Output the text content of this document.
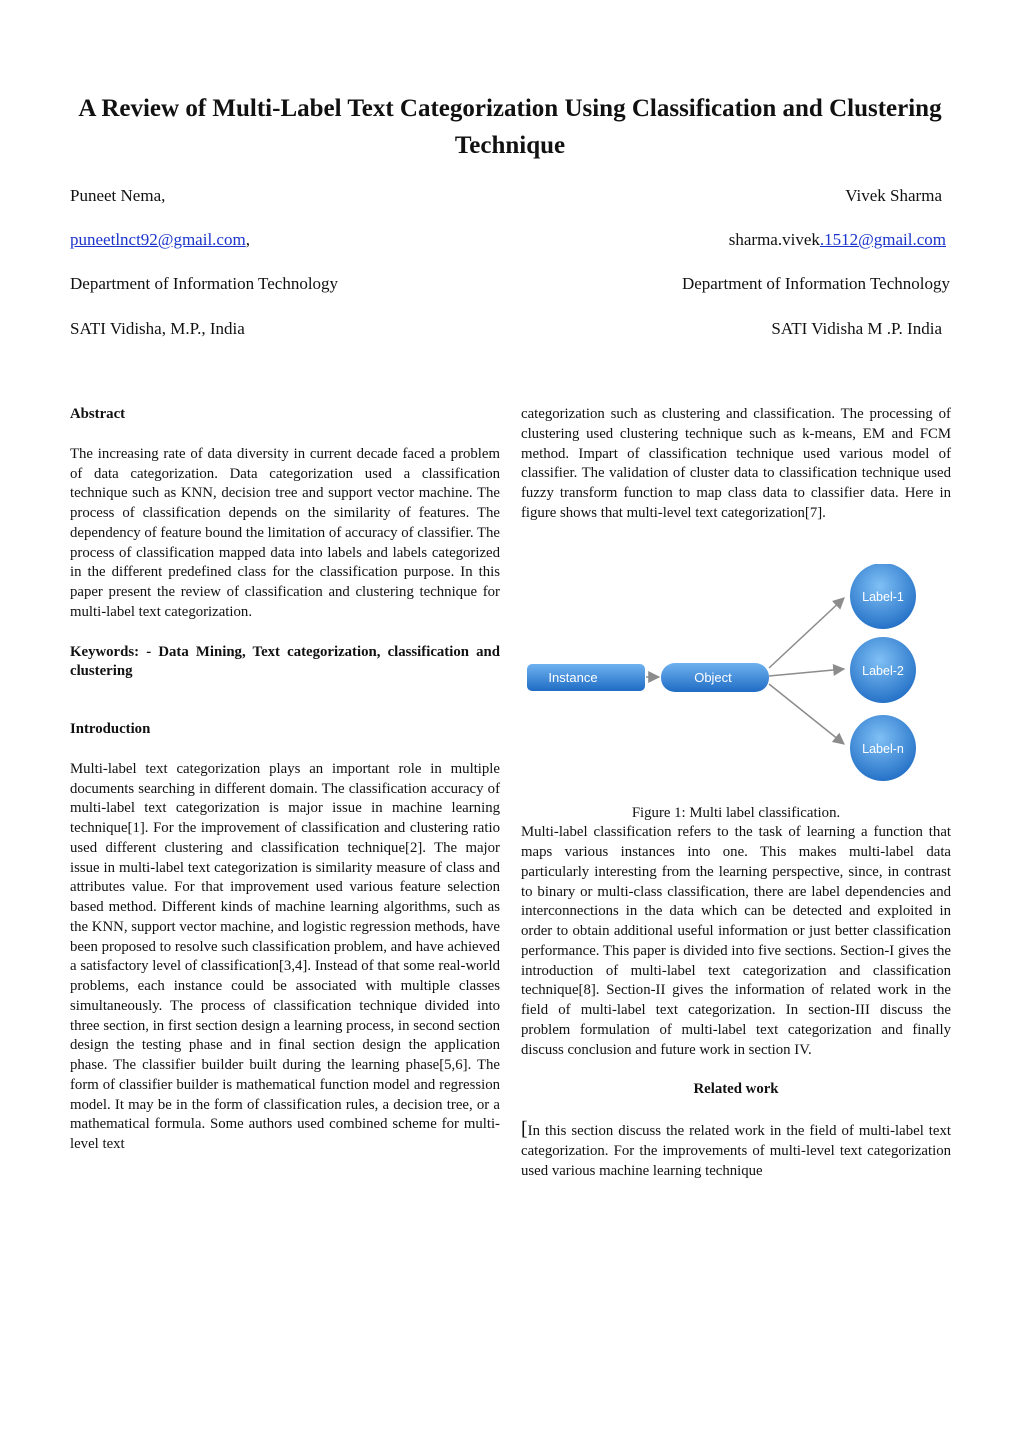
A Review of Multi-Label Text Categorization Using Classification and Clustering Technique
Puneet Nema,	Vivek Sharma
puneetlnct92@gmail.com,	sharma.vivek.1512@gmail.com
Department of Information Technology	Department of Information Technology
SATI Vidisha, M.P., India	SATI Vidisha M .P. India

Abstract

The increasing rate of data diversity in current decade faced a problem of data categorization. Data categorization used a classification technique such as KNN, decision tree and support vector machine. The process of classification depends on the similarity of features. The dependency of feature bound the limitation of accuracy of classifier. The process of classification mapped data into labels and labels categorized in the different predefined class for the classification purpose. In this paper present the review of classification and clustering technique for multi-label text categorization.

Keywords: - Data Mining, Text categorization, classification and clustering

Introduction

Multi-label text categorization plays an important role in multiple documents searching in different domain. The classification accuracy of multi-label text categorization is major issue in machine learning technique[1]. For the improvement of classification and clustering ratio used different clustering and classification technique[2]. The major issue in multi-label text categorization is similarity measure of class and attributes value. For that improvement used various feature selection based method. Different kinds of machine learning algorithms, such as the KNN, support vector machine, and logistic regression methods, have been proposed to resolve such classification problem, and have achieved a satisfactory level of classification[3,4]. Instead of that some real-world problems, each instance could be associated with multiple classes simultaneously. The process of classification technique divided into three section, in first section design a learning process, in second section design the testing phase and in final section design the application phase. The classifier builder built during the learning phase[5,6]. The form of classifier builder is mathematical function model and regression model. It may be in the form of classification rules, a decision tree, or a mathematical formula. Some authors used combined scheme for multi-level text

categorization such as clustering and classification. The processing of clustering used clustering technique such as k-means, EM and FCM method. Impart of classification technique used various model of classifier. The validation of cluster data to classification technique used fuzzy transform function to map class data to classifier data. Here in figure shows that multi-level text categorization[7].

Instance	Object
Label-1
Label-2
Label-n

Figure 1: Multi label classification.

Multi-label classification refers to the task of learning a function that maps various instances into one. This makes multi-label data particularly interesting from the learning perspective, since, in contrast to binary or multi-class classification, there are label dependencies and interconnections in the data which can be detected and exploited in order to obtain additional useful information or just better classification performance. This paper is divided into five sections. Section-I gives the introduction of multi-label text categorization and classification technique[8]. Section-II gives the information of related work in the field of multi-label text categorization. In section-III discuss the problem formulation of multi-label text categorization and finally discuss conclusion and future work in section IV.

Related work

[In this section discuss the related work in the field of multi-label text categorization. For the improvements of multi-level text categorization used various machine learning technique
